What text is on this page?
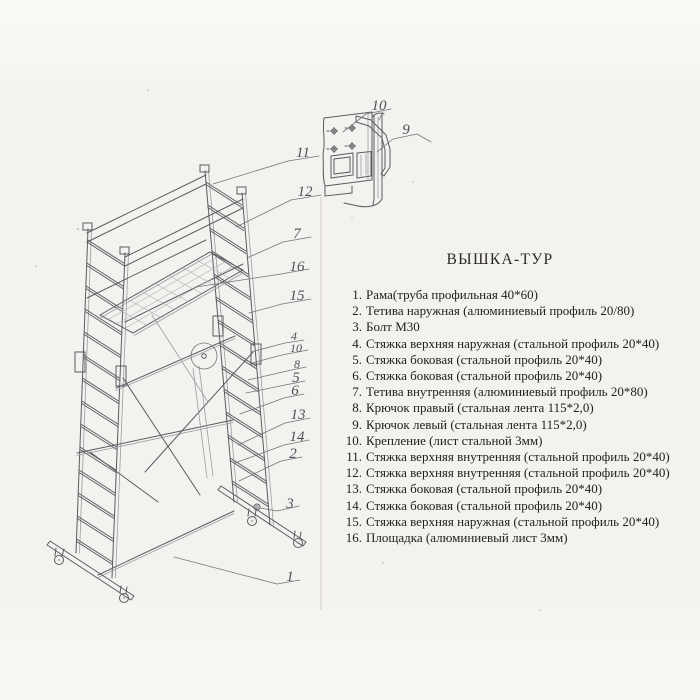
11
12
7
16
15
4
10
8
5
6
13
14
2
3
1
10
9
ВЫШКА-ТУР
1. Рама(труба профильная 40*60)
2. Тетива наружная (алюминиевый профиль 20/80)
3. Болт М30
4. Стяжка верхняя наружная (стальной профиль 20*40)
5. Стяжка боковая (стальной профиль 20*40)
6. Стяжка боковая (стальной профиль 20*40)
7. Тетива внутренняя (алюминиевый профиль 20*80)
8. Крючок правый (стальная лента 115*2,0)
9. Крючок левый (стальная лента 115*2,0)
10. Крепление (лист стальной 3мм)
11. Стяжка верхняя внутренняя (стальной профиль 20*40)
12. Стяжка верхняя внутренняя (стальной профиль 20*40)
13. Стяжка боковая (стальной профиль 20*40)
14. Стяжка боковая (стальной профиль 20*40)
15. Стяжка верхняя наружная (стальной профиль 20*40)
16. Площадка (алюминиевый лист 3мм)
